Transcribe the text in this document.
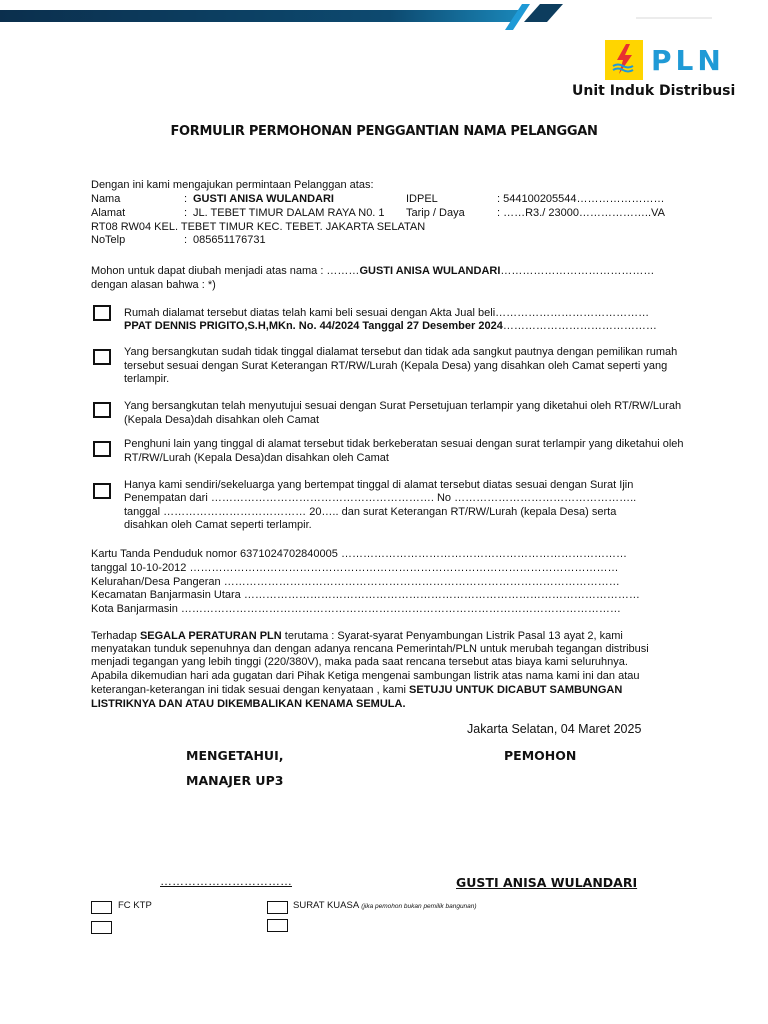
PLN
Unit Induk Distribusi
FORMULIR PERMOHONAN PENGGANTIAN NAMA PELANGGAN
Dengan ini kami mengajukan permintaan Pelanggan atas:
Nama	: GUSTI ANISA WULANDARI	IDPEL	: 544100205544……………………
Alamat	: JL. TEBET TIMUR DALAM RAYA N0. 1 Tarip / Daya	: ……R3./ 23000………………..VA
RT08 RW04 KEL. TEBET TIMUR KEC. TEBET. JAKARTA SELATAN
NoTelp	: 085651176731
Mohon untuk dapat diubah menjadi atas nama : ………GUSTI ANISA WULANDARI……………………………………
dengan alasan bahwa : *)
Rumah dialamat tersebut diatas telah kami beli sesuai dengan Akta Jual beli……………………………………
PPAT DENNIS PRIGITO,S.H,MKn. No. 44/2024 Tanggal 27 Desember 2024……………………………………
Yang bersangkutan sudah tidak tinggal dialamat tersebut dan tidak ada sangkut pautnya dengan pemilikan rumah tersebut sesuai dengan Surat Keterangan RT/RW/Lurah (Kepala Desa) yang disahkan oleh Camat seperti yang terlampir.
Yang bersangkutan telah menyutujui sesuai dengan Surat Persetujuan terlampir yang diketahui oleh RT/RW/Lurah (Kepala Desa)dah disahkan oleh Camat
Penghuni lain yang tinggal di alamat tersebut tidak berkeberatan sesuai dengan surat terlampir yang diketahui oleh RT/RW/Lurah (Kepala Desa)dan disahkan oleh Camat
Hanya kami sendiri/sekeluarga yang bertempat tinggal di alamat tersebut diatas sesuai dengan Surat Ijin
Penempatan dari ……………………………………………………. No …………………………………………..
tanggal ………………………………… 20….. dan surat Keterangan RT/RW/Lurah (kepala Desa) serta
disahkan oleh Camat seperti terlampir.
Kartu Tanda Penduduk nomor 6371024702840005 ……………………………………………………………………
tanggal 10-10-2012 ………………………………………………………………………………………………………
Kelurahan/Desa Pangeran ………………………………………………………………………………………………
Kecamatan Banjarmasin Utara ………………………………………………………………………………………………
Kota Banjarmasin …………………………………………………………………………………………………………
Terhadap SEGALA PERATURAN PLN terutama : Syarat-syarat Penyambungan Listrik Pasal 13 ayat 2, kami
menyatakan tunduk sepenuhnya dan dengan adanya rencana Pemerintah/PLN untuk merubah tegangan distribusi
menjadi tegangan yang lebih tinggi (220/380V), maka pada saat rencana tersebut atas biaya kami seluruhnya.
Apabila dikemudian hari ada gugatan dari Pihak Ketiga mengenai sambungan listrik atas nama kami ini dan atau
keterangan-keterangan ini tidak sesuai dengan kenyataan , kami SETUJU UNTUK DICABUT SAMBUNGAN
LISTRIKNYA DAN ATAU DIKEMBALIKAN KENAMA SEMULA.
Jakarta Selatan, 04 Maret 2025
MENGETAHUI,	PEMOHON
MANAJER UP3
……………………………	GUSTI ANISA WULANDARI
FC KTP	SURAT KUASA (jika pemohon bukan pemilik bangunan)
